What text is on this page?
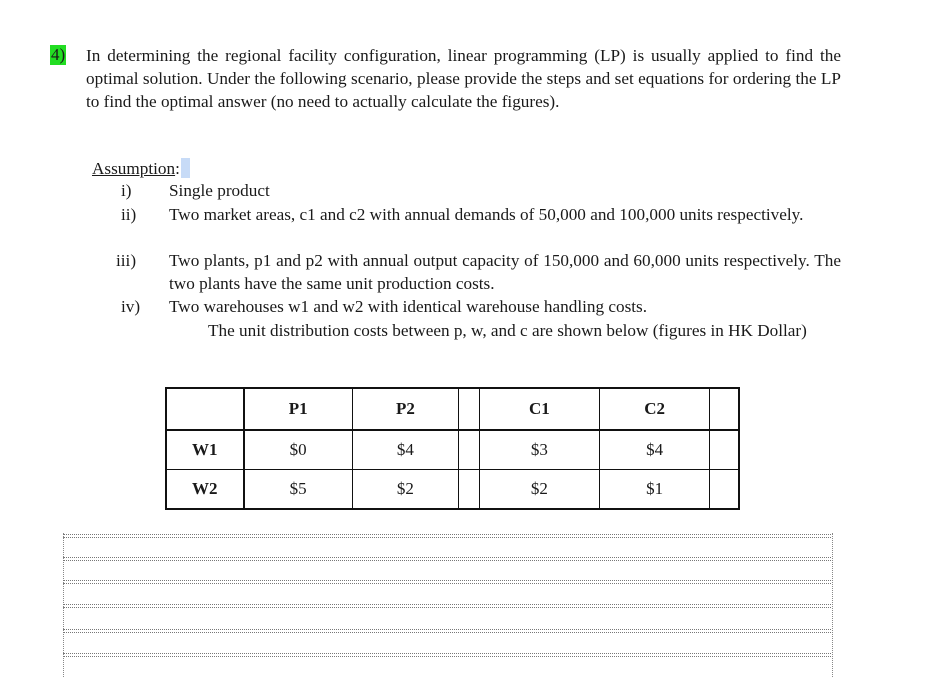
4) In determining the regional facility configuration, linear programming (LP) is usually applied to find the optimal solution. Under the following scenario, please provide the steps and set equations for ordering the LP to find the optimal answer (no need to actually calculate the figures).
Assumption:
i)	Single product
ii)	Two market areas, c1 and c2 with annual demands of 50,000 and 100,000 units respectively.
iii)	Two plants, p1 and p2 with annual output capacity of 150,000 and 60,000 units respectively. The two plants have the same unit production costs.
iv)	Two warehouses w1 and w2 with identical warehouse handling costs.
The unit distribution costs between p, w, and c are shown below (figures in HK Dollar)
	P1	P2		C1	C2	
W1	$0	$4		$3	$4	
W2	$5	$2		$2	$1	
